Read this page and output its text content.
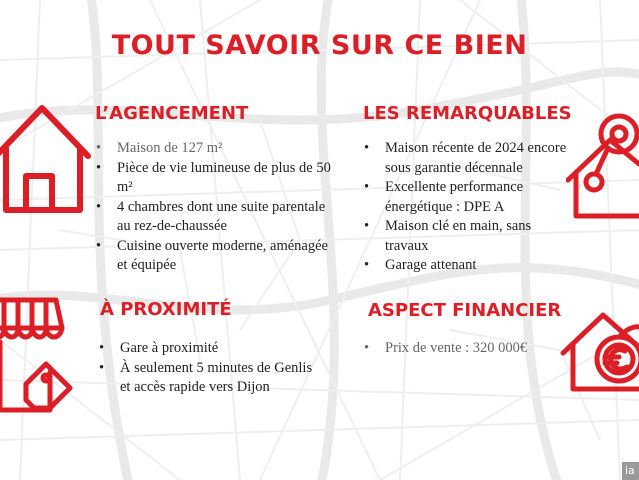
TOUT SAVOIR SUR CE BIEN
L’AGENCEMENT
• Maison de 127 m²
• Pièce de vie lumineuse de plus de 50 m²
• 4 chambres dont une suite parentale au rez-de-chaussée
• Cuisine ouverte moderne, aménagée et équipée
LES REMARQUABLES
• Maison récente de 2024 encore sous garantie décennale
• Excellente performance énergétique : DPE A
• Maison clé en main, sans travaux
• Garage attenant
À PROXIMITÉ
• Gare à proximité
• À seulement 5 minutes de Genlis et accès rapide vers Dijon
ASPECT FINANCIER
• Prix de vente : 320 000€
la
